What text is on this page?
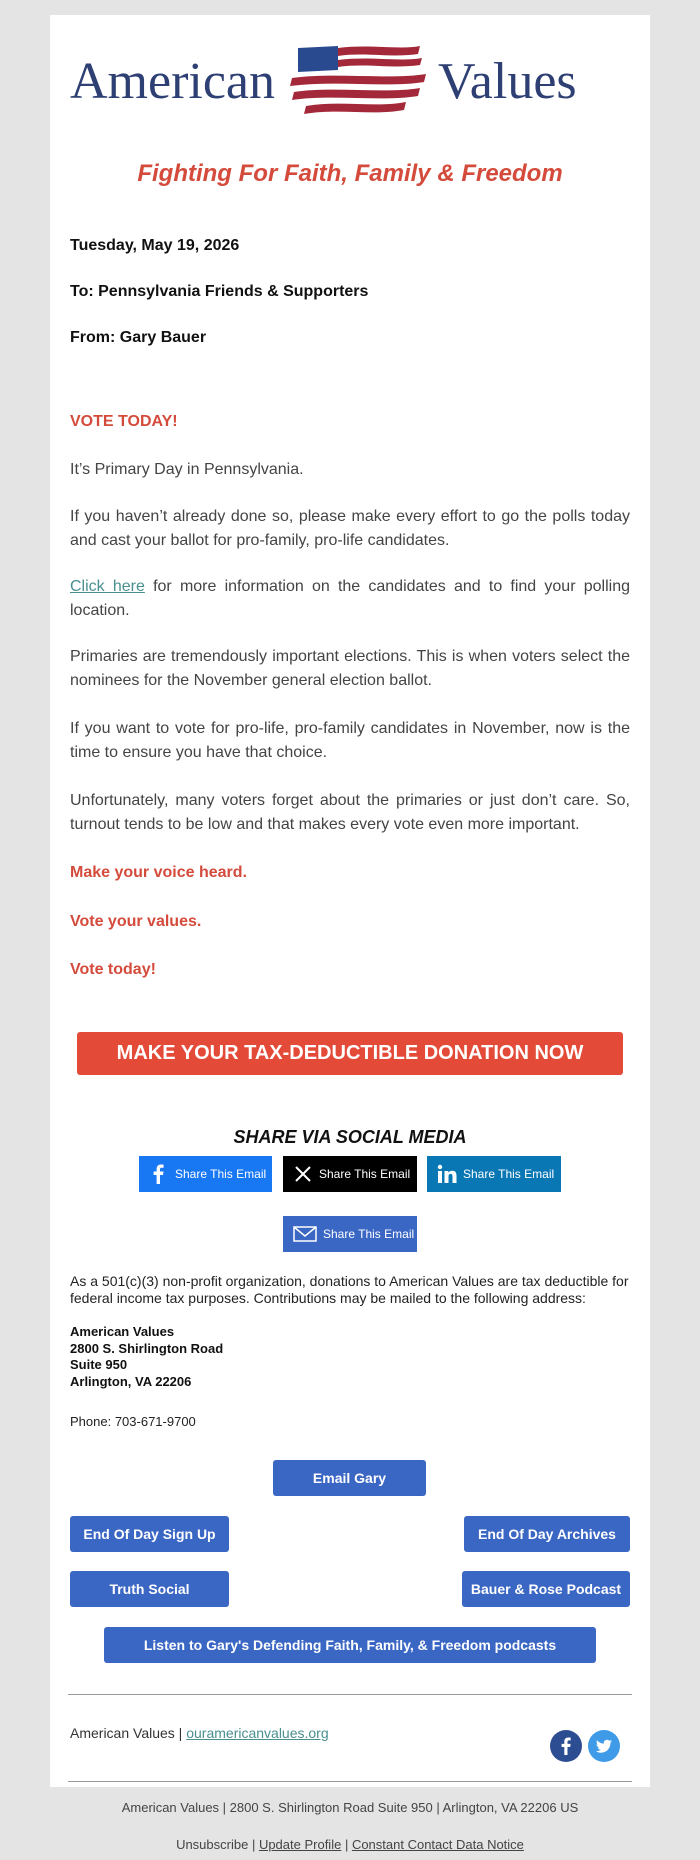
American	Values
Fighting For Faith, Family & Freedom
Tuesday, May 19, 2026
To: Pennsylvania Friends & Supporters
From: Gary Bauer
VOTE TODAY!
It’s Primary Day in Pennsylvania.
If you haven’t already done so, please make every effort to go the polls today and cast your ballot for pro-family, pro-life candidates.
Click here for more information on the candidates and to find your polling location.
Primaries are tremendously important elections. This is when voters select the nominees for the November general election ballot.
If you want to vote for pro-life, pro-family candidates in November, now is the time to ensure you have that choice.
Unfortunately, many voters forget about the primaries or just don’t care. So, turnout tends to be low and that makes every vote even more important.
Make your voice heard.
Vote your values.
Vote today!
MAKE YOUR TAX-DEDUCTIBLE DONATION NOW
SHARE VIA SOCIAL MEDIA
Share This Email	Share This Email	Share This Email
Share This Email
As a 501(c)(3) non-profit organization, donations to American Values are tax deductible for federal income tax purposes. Contributions may be mailed to the following address:
American Values
2800 S. Shirlington Road
Suite 950
Arlington, VA 22206
Phone: 703-671-9700
Email Gary
End Of Day Sign Up	End Of Day Archives
Truth Social	Bauer & Rose Podcast
Listen to Gary's Defending Faith, Family, & Freedom podcasts
American Values | ouramericanvalues.org
American Values | 2800 S. Shirlington Road Suite 950 | Arlington, VA 22206 US
Unsubscribe | Update Profile | Constant Contact Data Notice
